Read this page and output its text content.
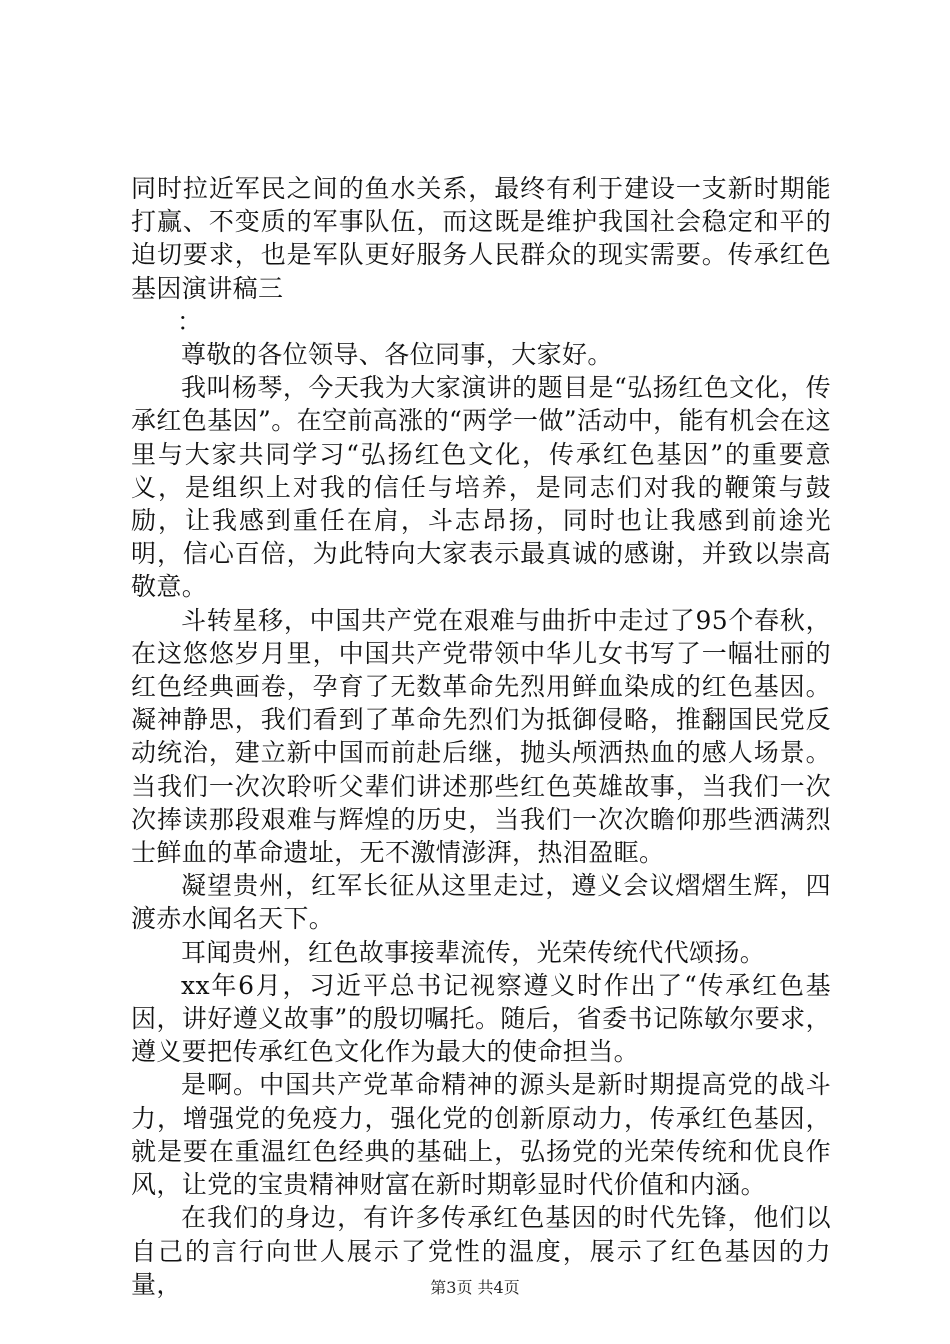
同时拉近军民之间的鱼水关系，最终有利于建设一支新时期能打赢、不变质的军事队伍，而这既是维护我国社会稳定和平的迫切要求，也是军队更好服务人民群众的现实需要。传承红色基因演讲稿三

：

尊敬的各位领导、各位同事，大家好。

我叫杨琴，今天我为大家演讲的题目是“弘扬红色文化，传承红色基因”。在空前高涨的“两学一做”活动中，能有机会在这里与大家共同学习“弘扬红色文化，传承红色基因”的重要意义，是组织上对我的信任与培养，是同志们对我的鞭策与鼓励，让我感到重任在肩，斗志昂扬，同时也让我感到前途光明，信心百倍，为此特向大家表示最真诚的感谢，并致以崇高敬意。

斗转星移，中国共产党在艰难与曲折中走过了95个春秋，在这悠悠岁月里，中国共产党带领中华儿女书写了一幅壮丽的红色经典画卷，孕育了无数革命先烈用鲜血染成的红色基因。凝神静思，我们看到了革命先烈们为抵御侵略，推翻国民党反动统治，建立新中国而前赴后继，抛头颅洒热血的感人场景。当我们一次次聆听父辈们讲述那些红色英雄故事，当我们一次次捧读那段艰难与辉煌的历史，当我们一次次瞻仰那些洒满烈士鲜血的革命遗址，无不激情澎湃，热泪盈眶。

凝望贵州，红军长征从这里走过，遵义会议熠熠生辉，四渡赤水闻名天下。

耳闻贵州，红色故事接辈流传，光荣传统代代颂扬。

xx年6月，习近平总书记视察遵义时作出了“传承红色基因，讲好遵义故事”的殷切嘱托。随后，省委书记陈敏尔要求，遵义要把传承红色文化作为最大的使命担当。

是啊。中国共产党革命精神的源头是新时期提高党的战斗力，增强党的免疫力，强化党的创新原动力，传承红色基因，就是要在重温红色经典的基础上，弘扬党的光荣传统和优良作风，让党的宝贵精神财富在新时期彰显时代价值和内涵。

在我们的身边，有许多传承红色基因的时代先锋，他们以自己的言行向世人展示了党性的温度，展示了红色基因的力量，	第3页 共4页
